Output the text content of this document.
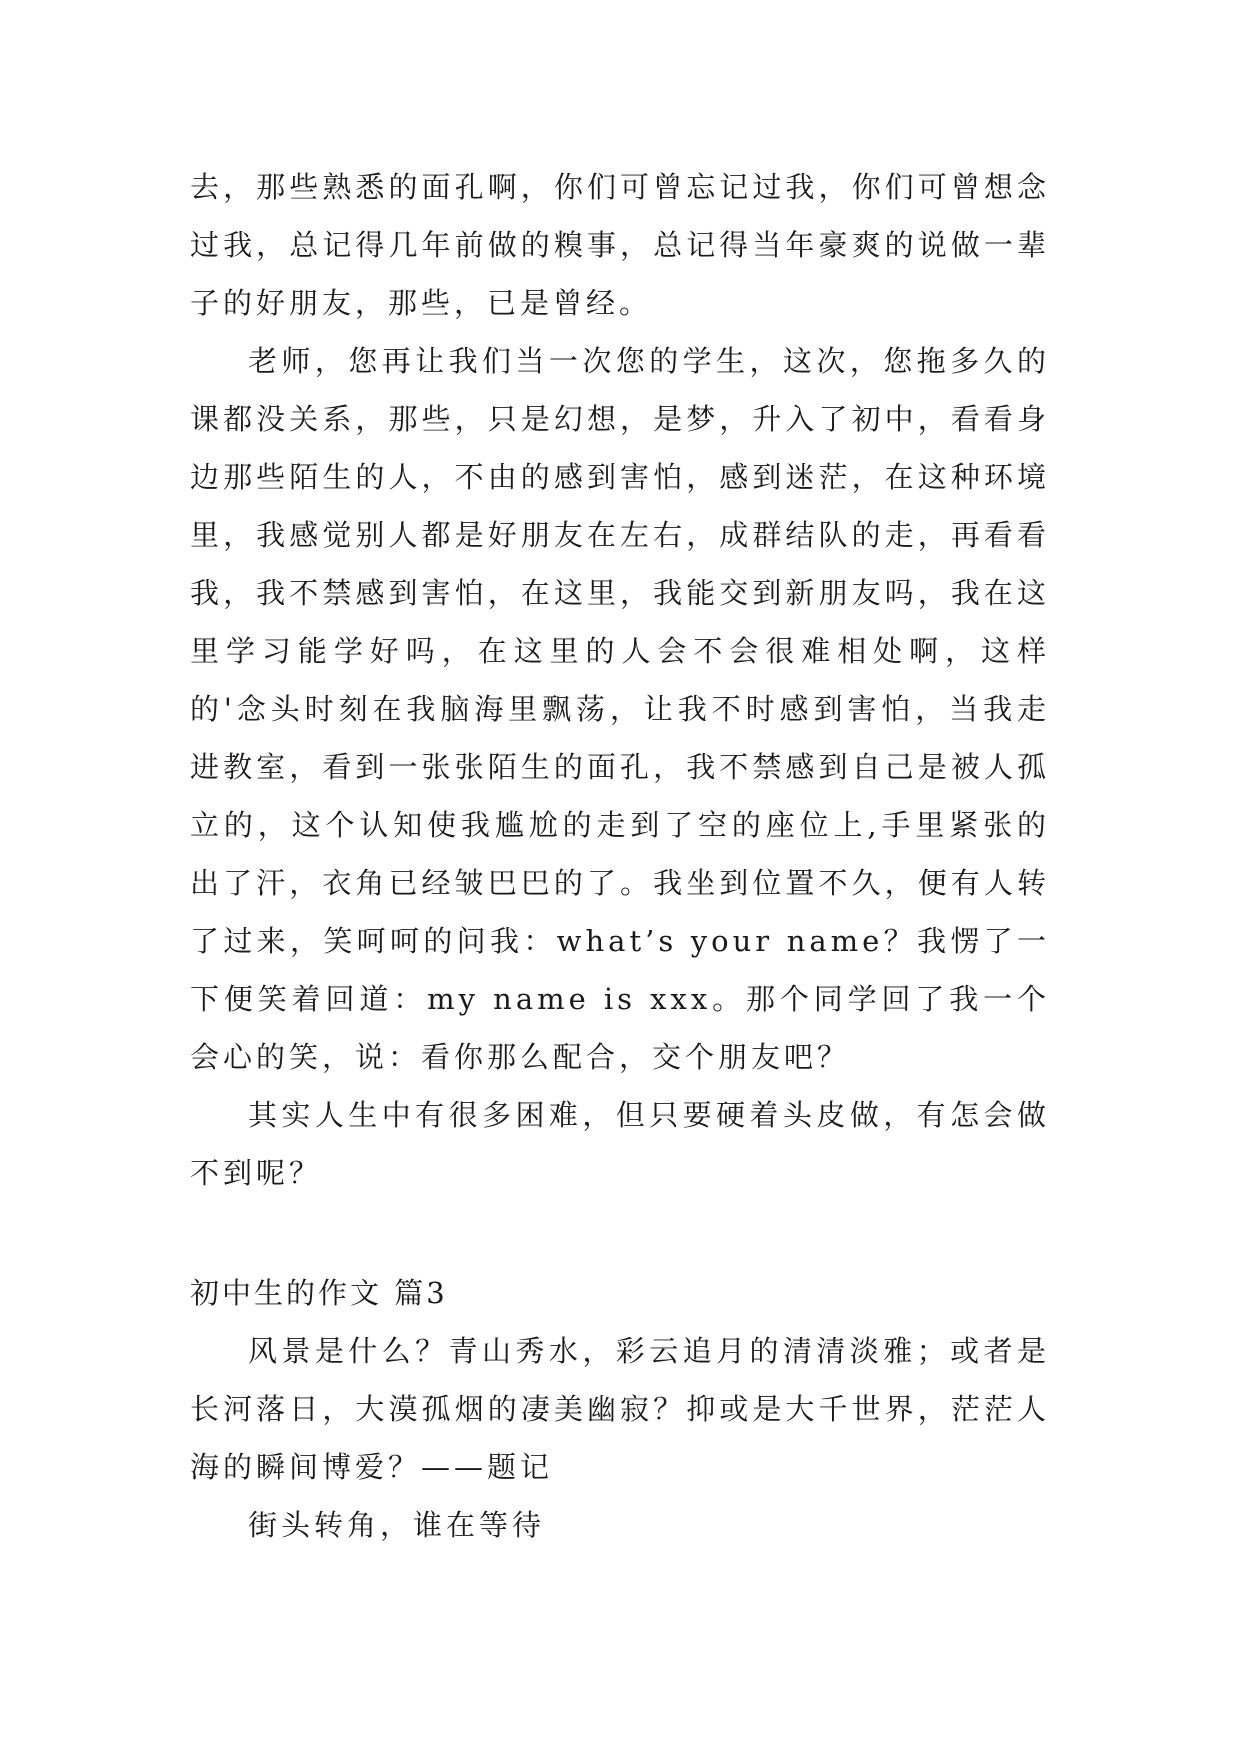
去，那些熟悉的面孔啊，你们可曾忘记过我，你们可曾想念过我，总记得几年前做的糗事，总记得当年豪爽的说做一辈子的好朋友，那些，已是曾经。

老师，您再让我们当一次您的学生，这次，您拖多久的课都没关系，那些，只是幻想，是梦，升入了初中，看看身边那些陌生的人，不由的感到害怕，感到迷茫，在这种环境里，我感觉别人都是好朋友在左右，成群结队的走，再看看我，我不禁感到害怕，在这里，我能交到新朋友吗，我在这里学习能学好吗，在这里的人会不会很难相处啊，这样的'念头时刻在我脑海里飘荡，让我不时感到害怕，当我走进教室，看到一张张陌生的面孔，我不禁感到自己是被人孤立的，这个认知使我尴尬的走到了空的座位上,手里紧张的出了汗，衣角已经皱巴巴的了。我坐到位置不久，便有人转了过来，笑呵呵的问我：what’s your name？我愣了一下便笑着回道：my name is xxx。那个同学回了我一个会心的笑，说：看你那么配合，交个朋友吧？

其实人生中有很多困难，但只要硬着头皮做，有怎会做不到呢？

初中生的作文 篇3

风景是什么？青山秀水，彩云追月的清清淡雅；或者是长河落日，大漠孤烟的凄美幽寂？抑或是大千世界，茫茫人海的瞬间博爱？——题记

街头转角，谁在等待
